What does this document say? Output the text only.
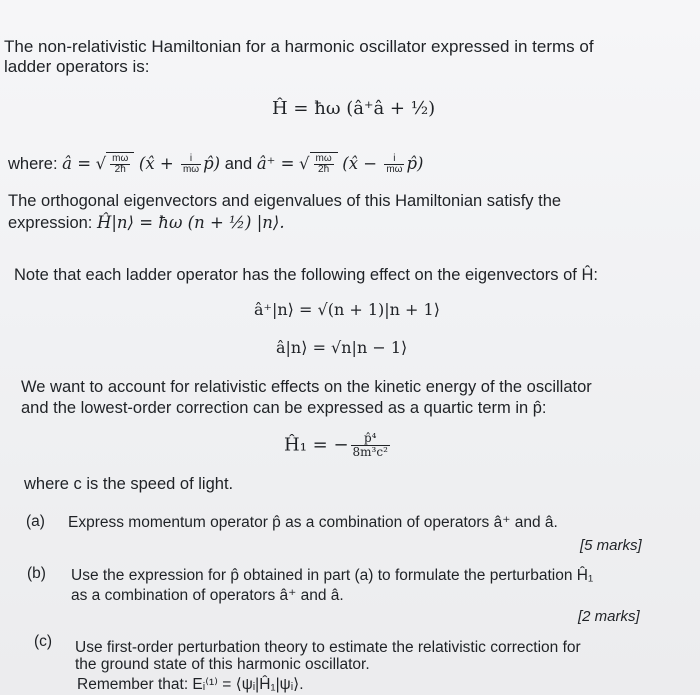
The non-relativistic Hamiltonian for a harmonic oscillator expressed in terms of
ladder operators is:
Ĥ = ħω (â⁺â + ½)
where: â = √ $\frac{m\omega}{2ħ}$ (x̂ + $\frac{i}{m\omega}$ p̂) and â⁺ = √ $\frac{m\omega}{2ħ}$ (x̂ − $\frac{i}{m\omega}$ p̂)
The orthogonal eigenvectors and eigenvalues of this Hamiltonian satisfy the
expression: Ĥ|n⟩ = ħω (n + ½) |n⟩.
Note that each ladder operator has the following effect on the eigenvectors of Ĥ:
â⁺|n⟩ = √(n + 1)|n + 1⟩
â|n⟩ = √n|n − 1⟩
We want to account for relativistic effects on the kinetic energy of the oscillator
and the lowest-order correction can be expressed as a quartic term in p̂:
Ĥ₁ = − $\frac{\text{p̂⁴}}{\text{8m³c²}}$
where c is the speed of light.
(a) Express momentum operator p̂ as a combination of operators â⁺ and â.
[5 marks]
(b) Use the expression for p̂ obtained in part (a) to formulate the perturbation Ĥ₁
as a combination of operators â⁺ and â.
[2 marks]
(c) Use first-order perturbation theory to estimate the relativistic correction for
the ground state of this harmonic oscillator.
Remember that: Eᵢ⁽¹⁾ = ⟨ψᵢ|Ĥ₁|ψᵢ⟩.
